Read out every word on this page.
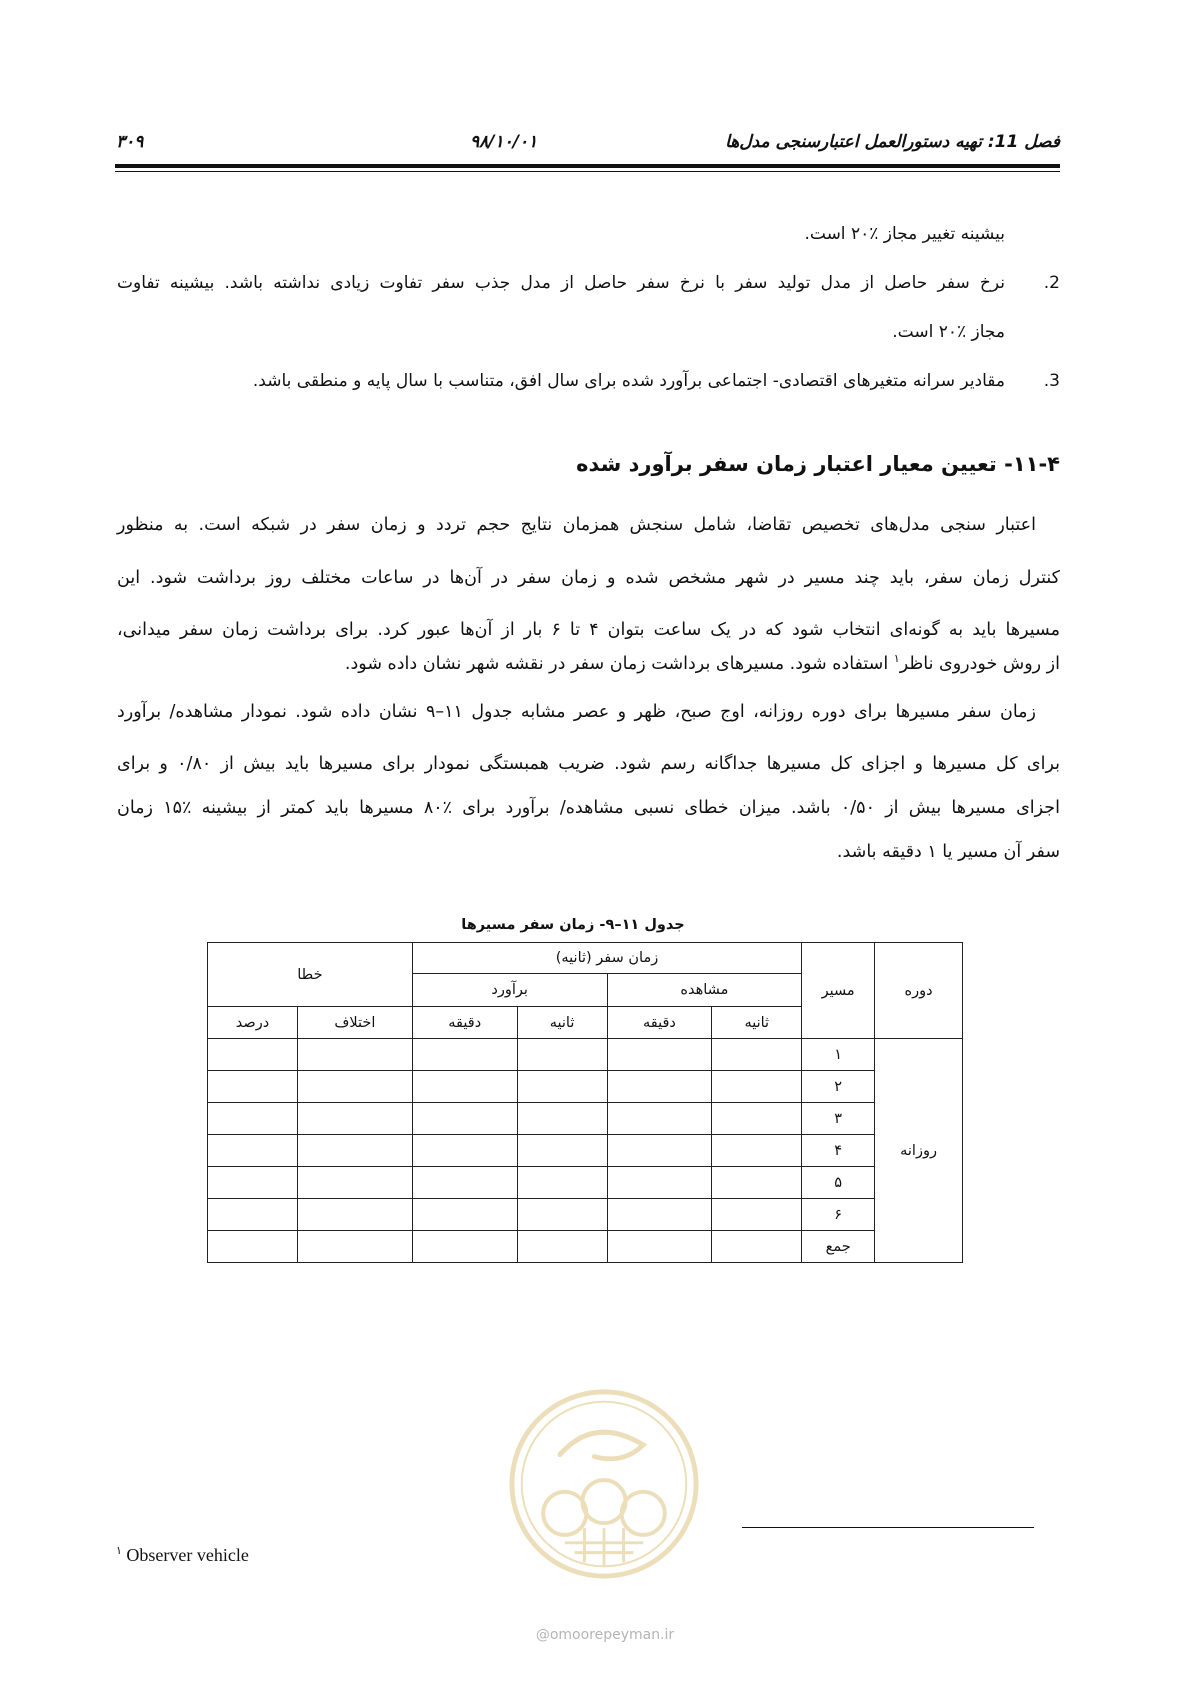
فصل 11: تهیه دستورالعمل اعتبارسنجی مدل‌ها
۹۸/۱۰/۰۱
۳۰۹
بیشینه تغییر مجاز ٪۲۰ است.
2.
نرخ سفر حاصل از مدل تولید سفر با نرخ سفر حاصل از مدل جذب سفر تفاوت زیادی نداشته باشد. بیشینه تفاوت
مجاز ٪۲۰ است.
3.
مقادیر سرانه متغیرهای اقتصادی- اجتماعی برآورد شده برای سال افق، متناسب با سال پایه و منطقی باشد.
۱۱-۴- تعیین معیار اعتبار زمان سفر برآورد شده
اعتبار سنجی مدل‌های تخصیص تقاضا، شامل سنجش همزمان نتایج حجم تردد و زمان سفر در شبکه است. به منظور
کنترل زمان سفر، باید چند مسیر در شهر مشخص شده و زمان سفر در آن‌ها در ساعات مختلف روز برداشت شود. این
مسیرها باید به گونه‌ای انتخاب شود که در یک ساعت بتوان ۴ تا ۶ بار از آن‌ها عبور کرد. برای برداشت زمان سفر میدانی،
از روش خودروی ناظر$^۱$ استفاده شود. مسیرهای برداشت زمان سفر در نقشه شهر نشان داده شود.
زمان سفر مسیرها برای دوره روزانه، اوج صبح، ظهر و عصر مشابه جدول ۱۱–۹ نشان داده شود. نمودار مشاهده/ برآورد
برای کل مسیرها و اجزای کل مسیرها جداگانه رسم شود. ضریب همبستگی نمودار برای مسیرها باید بیش از ۰/۸۰ و برای
اجزای مسیرها بیش از ۰/۵۰ باشد. میزان خطای نسبی مشاهده/ برآورد برای ٪۸۰ مسیرها باید کمتر از بیشینه ٪۱۵ زمان
سفر آن مسیر یا ۱ دقیقه باشد.
جدول ۱۱–۹- زمان سفر مسیرها
دوره	مسیر	زمان سفر (ثانیه)				خطا	
		مشاهده		برآورد			
		ثانیه	دقیقه	ثانیه	دقیقه	اختلاف	درصد
روزانه	۱						
	۲						
	۳						
	۴						
	۵						
	۶						
	جمع						
@omoorepeyman.ir
$^۱$ Observer vehicle
